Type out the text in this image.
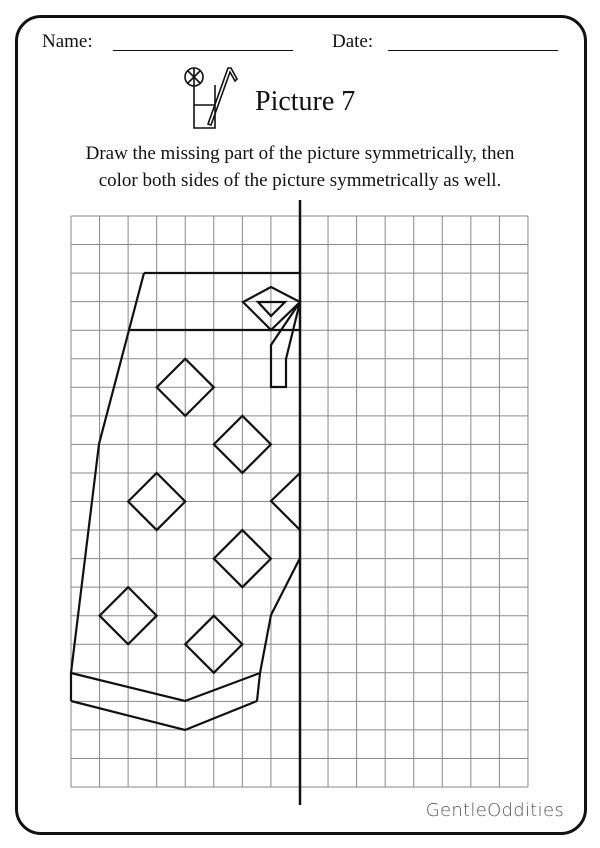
Name:	Date:
Picture 7
Draw the missing part of the picture symmetrically, then
color both sides of the picture symmetrically as well.
GentleOddities
